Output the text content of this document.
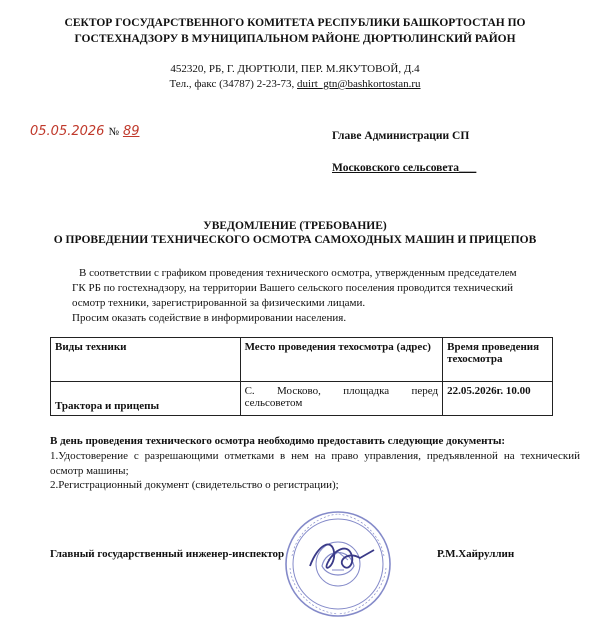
СЕКТОР ГОСУДАРСТВЕННОГО КОМИТЕТА РЕСПУБЛИКИ БАШКОРТОСТАН ПО
ГОСТЕХНАДЗОРУ В МУНИЦИПАЛЬНОМ РАЙОНЕ ДЮРТЮЛИНСКИЙ РАЙОН
452320, РБ, Г. ДЮРТЮЛИ, ПЕР. М.ЯКУТОВОЙ, Д.4
Тел., факс (34787) 2-23-73, duirt_gtn@bashkortostan.ru
05.05.2026 № 89	Главе Администрации СП
Московского сельсовета___
УВЕДОМЛЕНИЕ (ТРЕБОВАНИЕ)
О ПРОВЕДЕНИИ ТЕХНИЧЕСКОГО ОСМОТРА САМОХОДНЫХ МАШИН И ПРИЦЕПОВ
В соответствии с графиком проведения технического осмотра, утвержденным председателем
ГК РБ по гостехнадзору, на территории Вашего сельского поселения проводится технический
осмотр техники, зарегистрированной за физическими лицами.
Просим оказать содействие в информировании населения.
Виды техники	Место проведения техосмотра (адрес)	Время проведения техосмотра
Трактора и прицепы	С. Москово, площадка перед сельсоветом	22.05.2026г. 10.00
В день проведения технического осмотра необходимо предоставить следующие документы:
1.Удостоверение с разрешающими отметками в нем на право управления, предъявленной на технический осмотр машины;
2.Регистрационный документ (свидетельство о регистрации);
Главный государственный инженер-инспектор	Р.М.Хайруллин
